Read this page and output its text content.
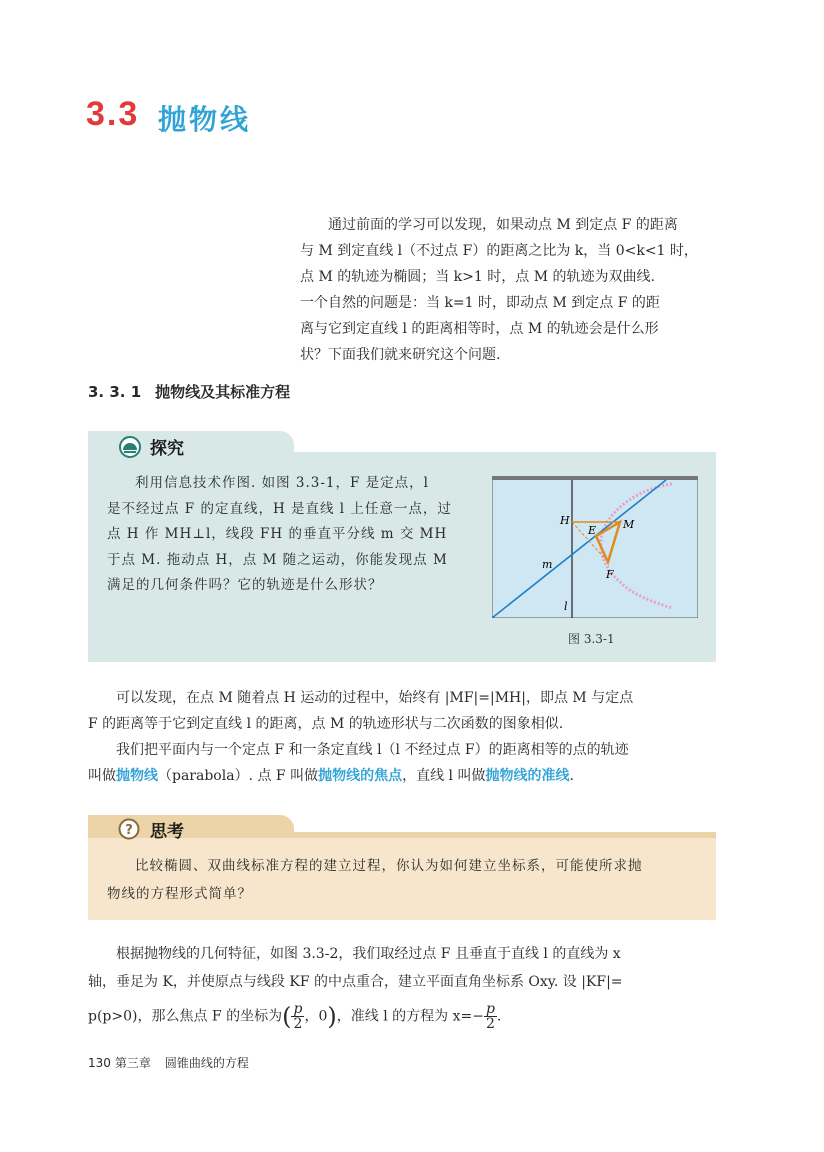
3.3 抛物线

通过前面的学习可以发现，如果动点 M 到定点 F 的距离

与 M 到定直线 l（不过点 F）的距离之比为 k，当 0<k<1 时，
点 M 的轨迹为椭圆；当 k>1 时，点 M 的轨迹为双曲线.
一个自然的问题是：当 k=1 时，即动点 M 到定点 F 的距
离与它到定直线 l 的距离相等时，点 M 的轨迹会是什么形
状？下面我们就来研究这个问题.
3. 3. 1 抛物线及其标准方程
探究
利用信息技术作图. 如图 3.3-1，F 是定点，l
是不经过点 F 的定直线，H 是直线 l 上任意一点，过
点 H 作 MH⊥l，线段 FH 的垂直平分线 m 交 MH
于点 M. 拖动点 H，点 M 随之运动，你能发现点 M
满足的几何条件吗？它的轨迹是什么形状？
H
E M
m
F
l
图 3.3-1

可以发现，在点 M 随着点 H 运动的过程中，始终有 |MF|=|MH|，即点 M 与定点

F 的距离等于它到定直线 l 的距离，点 M 的轨迹形状与二次函数的图象相似.

我们把平面内与一个定点 F 和一条定直线 l（l 不经过点 F）的距离相等的点的轨迹

叫做抛物线（parabola）. 点 F 叫做抛物线的焦点，直线 l 叫做抛物线的准线.
? 思考
比较椭圆、双曲线标准方程的建立过程，你认为如何建立坐标系，可能使所求抛
物线的方程形式简单？

根据抛物线的几何特征，如图 3.3-2，我们取经过点 F 且垂直于直线 l 的直线为 x

轴，垂足为 K，并使原点与线段 KF 的中点重合，建立平面直角坐标系 Oxy. 设 |KF|=
p(p>0)，那么焦点 F 的坐标为( $\frac{p}{2}$ ，0)，准线 l 的方程为 $x=- \frac{p}{2}$ .
130 第三章 圆锥曲线的方程
